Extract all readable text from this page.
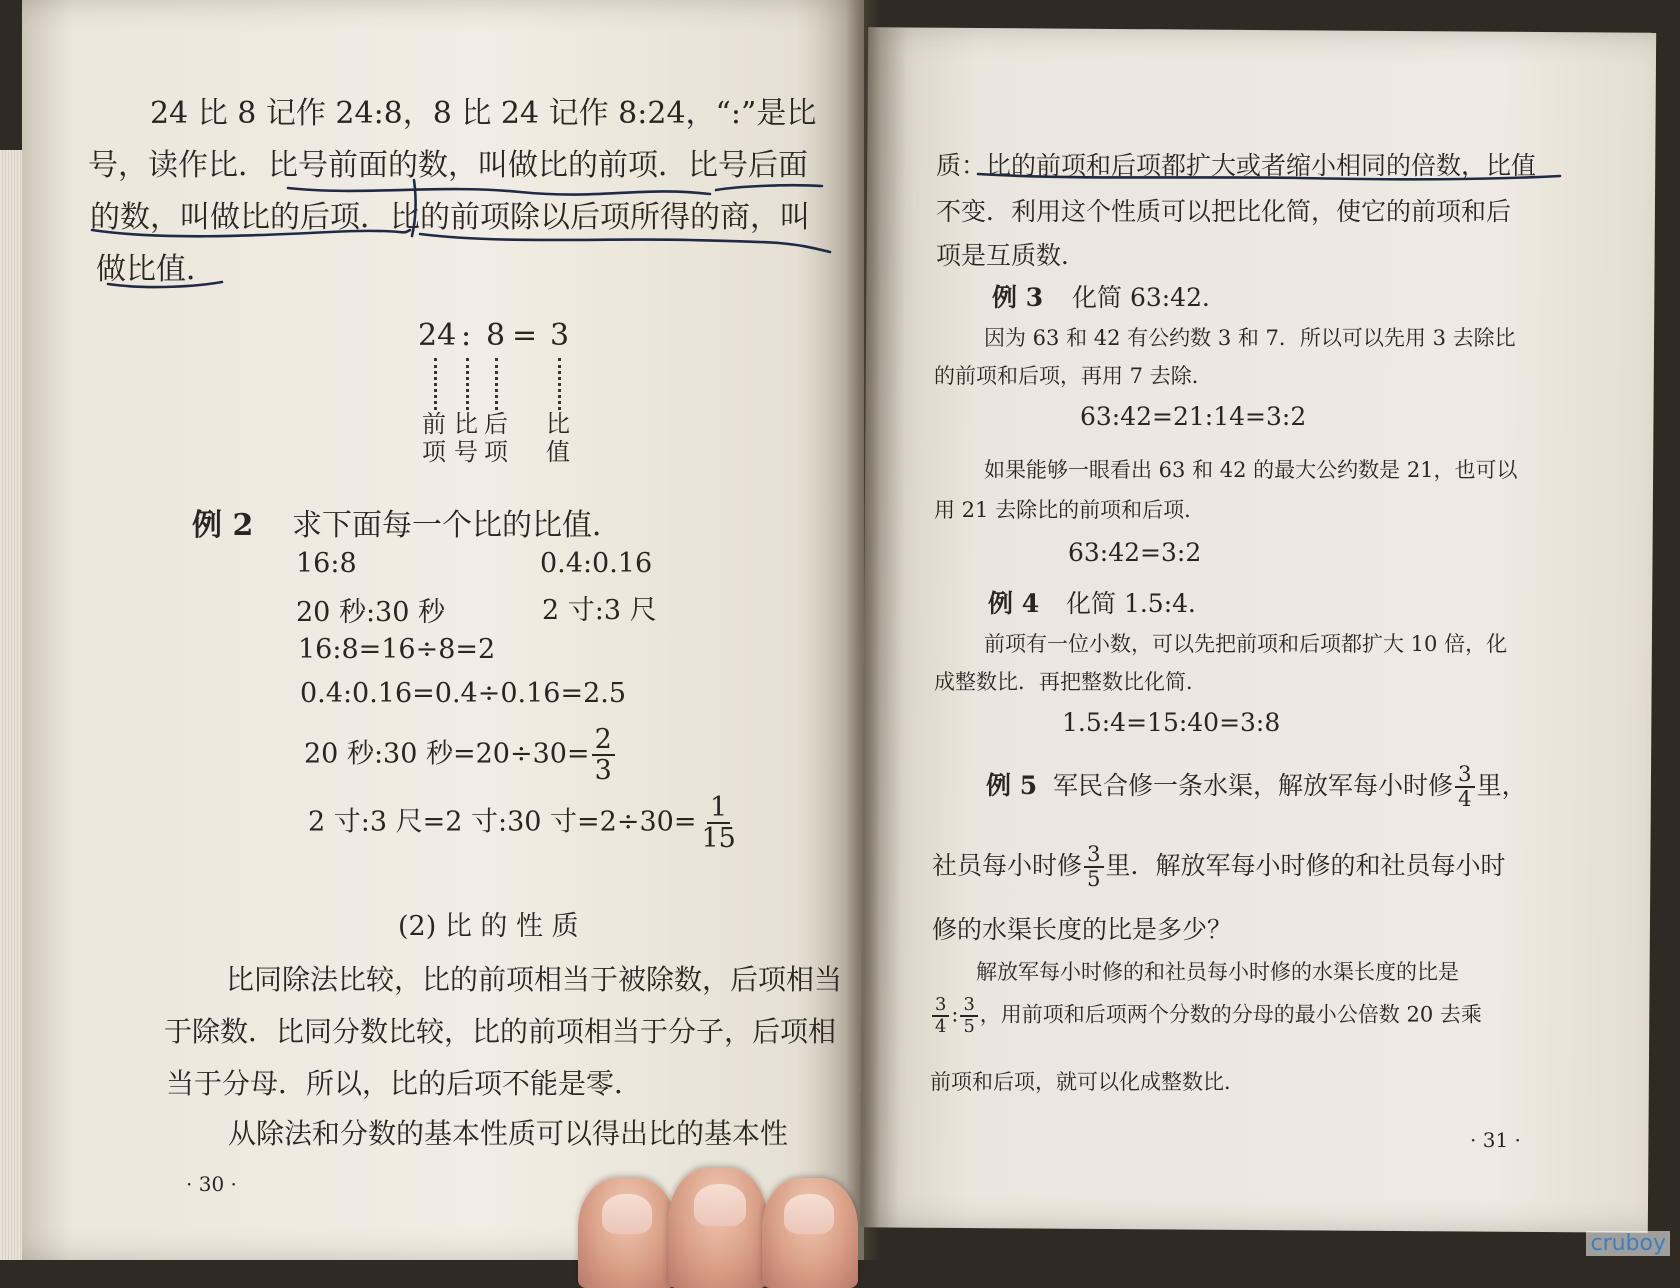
24 比 8 记作 24:8，8 比 24 记作 8:24，“:”是比
号，读作比．比号前面的数，叫做比的前项．比号后面
的数，叫做比的后项．比的前项除以后项所得的商，叫
做比值．
24 : 8 = 3
前
项
比
号
后
项
比
值
例 2 求下面每一个比的比值．
16:8	0.4:0.16
20 秒:30 秒	2 寸:3 尺
16:8=16÷8=2
0.4:0.16=0.4÷0.16=2.5
20 秒:30 秒$=20\div 30= \frac{2}{3}$
2 寸:3 尺=2 寸:30 寸$=2\div 30= \frac{1}{15}$
(2) 比 的 性 质
比同除法比较，比的前项相当于被除数，后项相当
于除数．比同分数比较，比的前项相当于分子，后项相
当于分母．所以，比的后项不能是零．
从除法和分数的基本性质可以得出比的基本性
· 30 ·
质：比的前项和后项都扩大或者缩小相同的倍数，比值
不变．利用这个性质可以把比化简，使它的前项和后
项是互质数．
例 3 化简 63:42．
因为 63 和 42 有公约数 3 和 7．所以可以先用 3 去除比
的前项和后项，再用 7 去除．
63:42=21:14=3:2
如果能够一眼看出 63 和 42 的最大公约数是 21，也可以
用 21 去除比的前项和后项．
63:42=3:2
例 4 化简 1.5:4．
前项有一位小数，可以先把前项和后项都扩大 10 倍，化
成整数比．再把整数比化简．
1.5:4=15:40=3:8
例 5 军民合修一条水渠，解放军每小时修 $\frac{3}{4}$ 里，
社员每小时修 $\frac{3}{5}$ 里．解放军每小时修的和社员每小时
修的水渠长度的比是多少？
解放军每小时修的和社员每小时修的水渠长度的比是
$\frac{3}{4}$ : $\frac{3}{5}$ ，用前项和后项两个分数的分母的最小公倍数 20 去乘
前项和后项，就可以化成整数比．
· 31 ·
cruboy
